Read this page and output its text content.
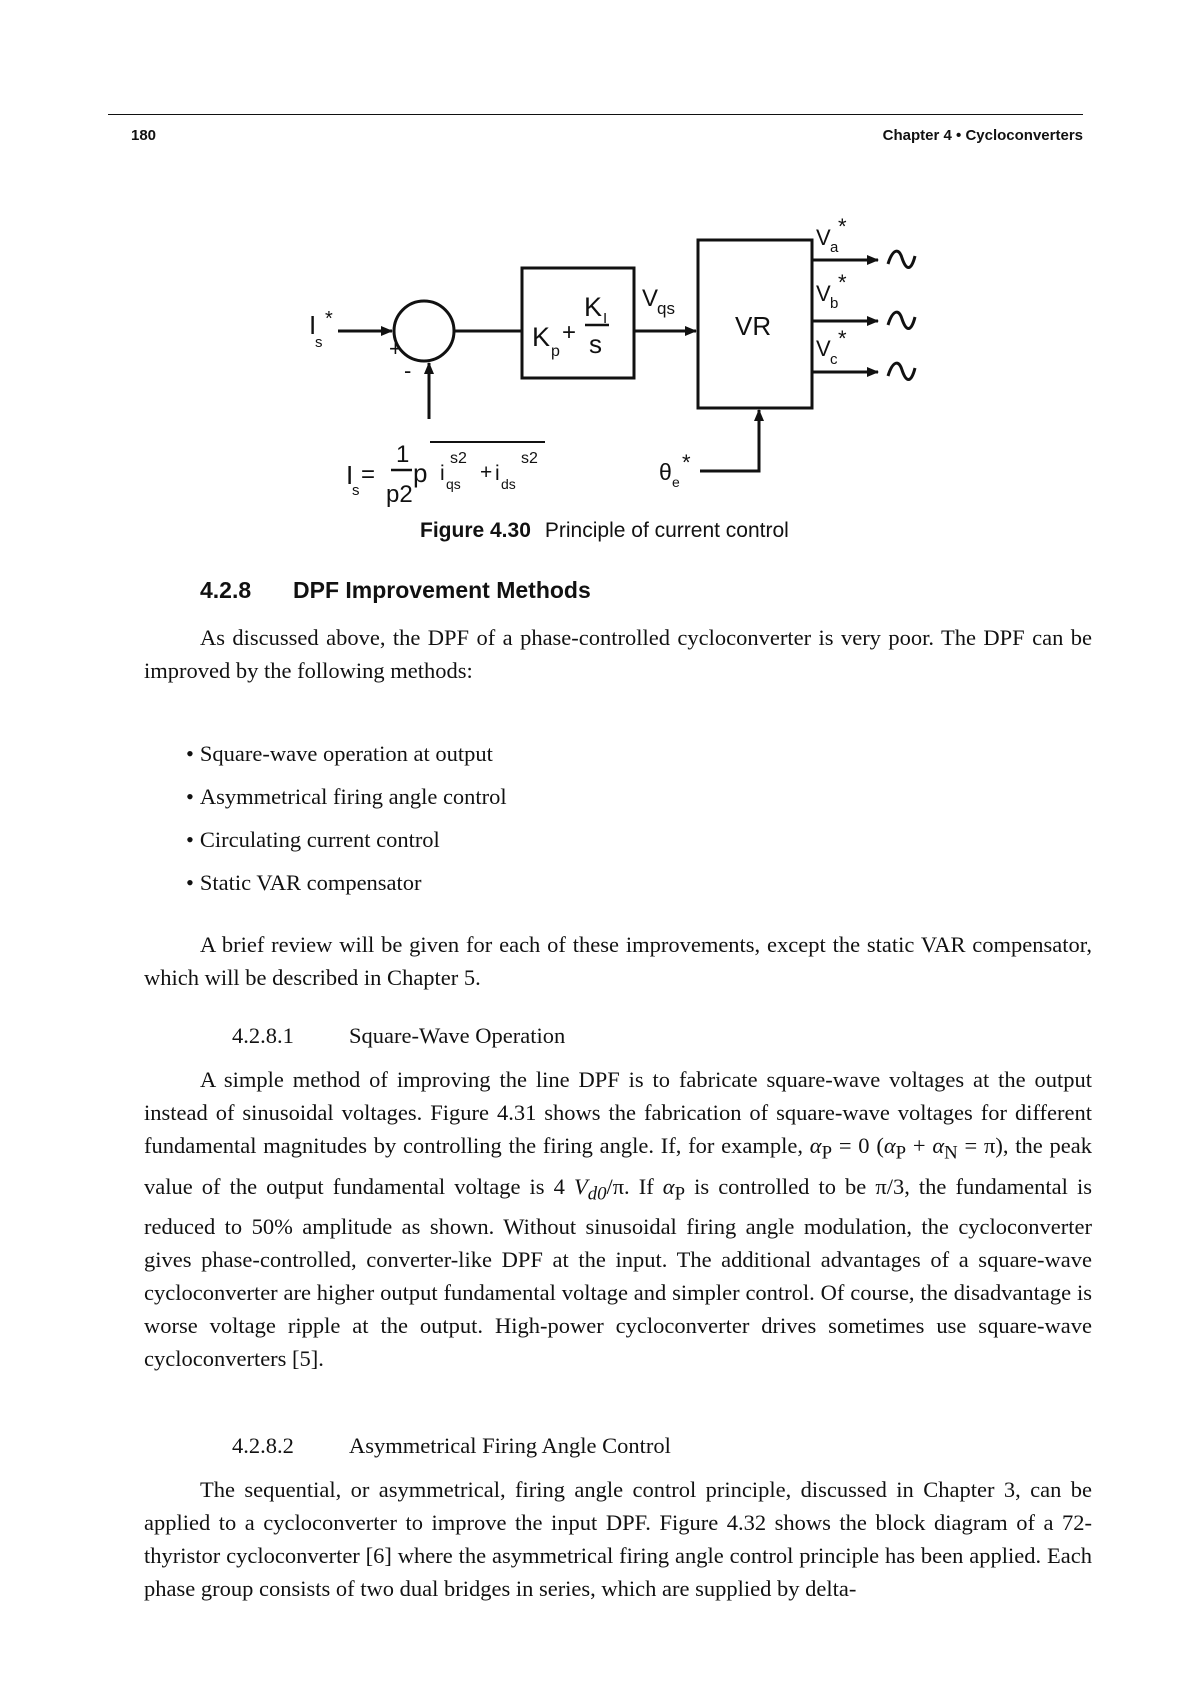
180	Chapter 4 • Cycloconverters
I
s
*
+
-
K p
+
K I
s
V
qs
VR
V a
*
V b
*
V c
*
θ e
*
I
s
=
1
p2
p i qs
s2
+ i ds
s2
Figure 4.30 Principle of current control
4.2.8 DPF Improvement Methods

As discussed above, the DPF of a phase-controlled cycloconverter is very poor. The DPF can be improved by the following methods:

• Square-wave operation at output
• Asymmetrical firing angle control
• Circulating current control
• Static VAR compensator

A brief review will be given for each of these improvements, except the static VAR compensator, which will be described in Chapter 5.

4.2.8.1 Square-Wave Operation

A simple method of improving the line DPF is to fabricate square-wave voltages at the output instead of sinusoidal voltages. Figure 4.31 shows the fabrication of square-wave voltages for different fundamental magnitudes by controlling the firing angle. If, for example, $\alpha_P = 0$ $(\alpha_P + \alpha_N = \pi)$, the peak value of the output fundamental voltage is 4 $V_{d0}/\pi$. If $\alpha_P$ is controlled to be π/3, the fundamental is reduced to 50% amplitude as shown. Without sinusoidal firing angle modulation, the cycloconverter gives phase-controlled, converter-like DPF at the input. The additional advantages of a square-wave cycloconverter are higher output fundamental voltage and simpler control. Of course, the disadvantage is worse voltage ripple at the output. High-power cycloconverter drives sometimes use square-wave cycloconverters [5].

4.2.8.2 Asymmetrical Firing Angle Control

The sequential, or asymmetrical, firing angle control principle, discussed in Chapter 3, can be applied to a cycloconverter to improve the input DPF. Figure 4.32 shows the block diagram of a 72-thyristor cycloconverter [6] where the asymmetrical firing angle control principle has been applied. Each phase group consists of two dual bridges in series, which are supplied by delta-
